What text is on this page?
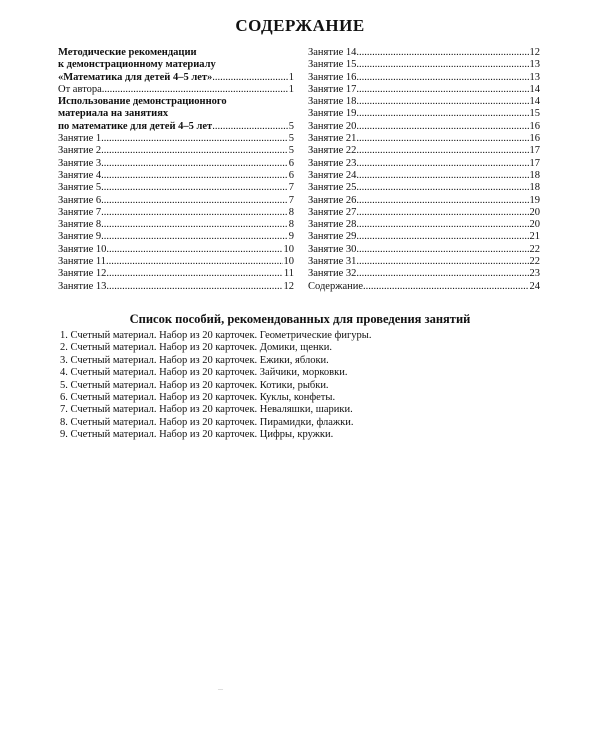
СОДЕРЖАНИЕ
Методические рекомендации
к демонстрационному материалу
«Математика для детей 4–5 лет» .....	1
От автора .....	1
Использование демонстрационного
материала на занятиях
по математике для детей 4–5 лет .....	5
Занятие 1 .....	5
Занятие 2 .....	5
Занятие 3 .....	6
Занятие 4 .....	6
Занятие 5 .....	7
Занятие 6 .....	7
Занятие 7 .....	8
Занятие 8 .....	8
Занятие 9 .....	9
Занятие 10 .....	10
Занятие 11 .....	10
Занятие 12 .....	11
Занятие 13 .....	12
Занятие 14 .....	12
Занятие 15 .....	13
Занятие 16 .....	13
Занятие 17 .....	14
Занятие 18 .....	14
Занятие 19 .....	15
Занятие 20 .....	16
Занятие 21 .....	16
Занятие 22 .....	17
Занятие 23 .....	17
Занятие 24 .....	18
Занятие 25 .....	18
Занятие 26 .....	19
Занятие 27 .....	20
Занятие 28 .....	20
Занятие 29 .....	21
Занятие 30 .....	22
Занятие 31 .....	22
Занятие 32 .....	23
Содержание .....	24
Список пособий, рекомендованных для проведения занятий
1. Счетный материал. Набор из 20 карточек. Геометрические фигуры.
2. Счетный материал. Набор из 20 карточек. Домики, щенки.
3. Счетный материал. Набор из 20 карточек. Ежики, яблоки.
4. Счетный материал. Набор из 20 карточек. Зайчики, морковки.
5. Счетный материал. Набор из 20 карточек. Котики, рыбки.
6. Счетный материал. Набор из 20 карточек. Куклы, конфеты.
7. Счетный материал. Набор из 20 карточек. Неваляшки, шарики.
8. Счетный материал. Набор из 20 карточек. Пирамидки, флажки.
9. Счетный материал. Набор из 20 карточек. Цифры, кружки.
––
